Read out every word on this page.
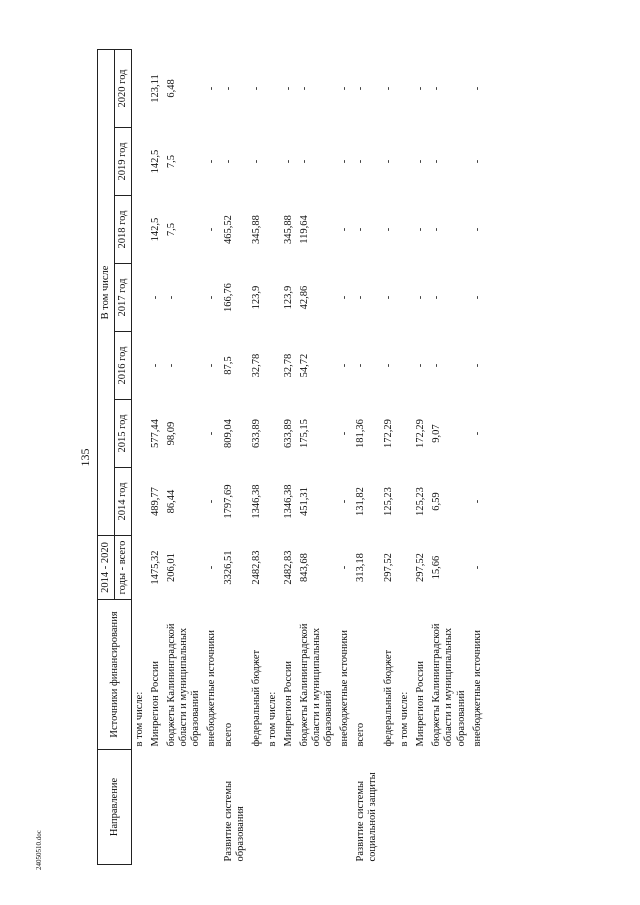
135
Направление	Источники финансирования	2014 - 2020	В том числе						
		годы - всего	2014 год	2015 год	2016 год	2017 год	2018 год	2019 год	2020 год
	в том числе:								
	Минрегион России	1475,32	489,77	577,44	-	-	142,5	142,5	123,11
	бюджеты Калининградской области и муниципальных образований	206,01	86,44	98,09	-	-	7,5	7,5	6,48
	внебюджетные источники	-	-	-	-	-	-	-	-
Развитие системы образования	всего	3326,51	1797,69	809,04	87,5	166,76	465,52	-	-
	федеральный бюджет	2482,83	1346,38	633,89	32,78	123,9	345,88	-	-
	в том числе:								
	Минрегион России	2482,83	1346,38	633,89	32,78	123,9	345,88	-	-
	бюджеты Калининградской области и муниципальных образований	843,68	451,31	175,15	54,72	42,86	119,64	-	-
	внебюджетные источники	-	-	-	-	-	-	-	-
Развитие системы социальной защиты	всего	313,18	131,82	181,36	-	-	-	-	-
	федеральный бюджет	297,52	125,23	172,29	-	-	-	-	-
	в том числе:								
	Минрегион России	297,52	125,23	172,29	-	-	-	-	-
	бюджеты Калининградской области и муниципальных образований	15,66	6,59	9,07	-	-	-	-	-
	внебюджетные источники	-	-	-	-	-	-	-	-
24050510.doc
